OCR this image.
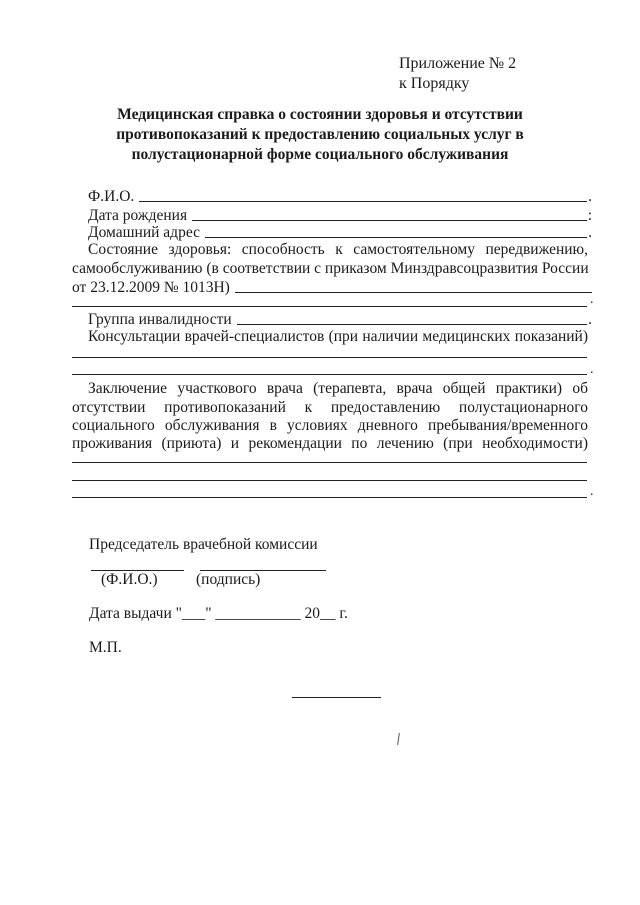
Приложение № 2
к Порядку
Медицинская справка о состоянии здоровья и отсутствии
противопоказаний к предоставлению социальных услуг в
полустационарной форме социального обслуживания
Ф.И.О.	.
Дата рождения	:
Домашний адрес	.
Состояние здоровья: способность к самостоятельному передвижению,
самообслуживанию (в соответствии с приказом Минздравсоцразвития России
от 23.12.2009 № 1013Н)
.
Группа инвалидности	.
Консультации врачей-специалистов (при наличии медицинских показаний)
.
Заключение участкового врача (терапевта, врача общей практики) об
отсутствии противопоказаний к предоставлению полустационарного
социального обслуживания в условиях дневного пребывания/временного
проживания (приюта) и рекомендации по лечению (при необходимости)
.
Председатель врачебной комиссии
(Ф.И.О.) (подпись)
Дата выдачи "___" ___________ 20__ г.
М.П.
